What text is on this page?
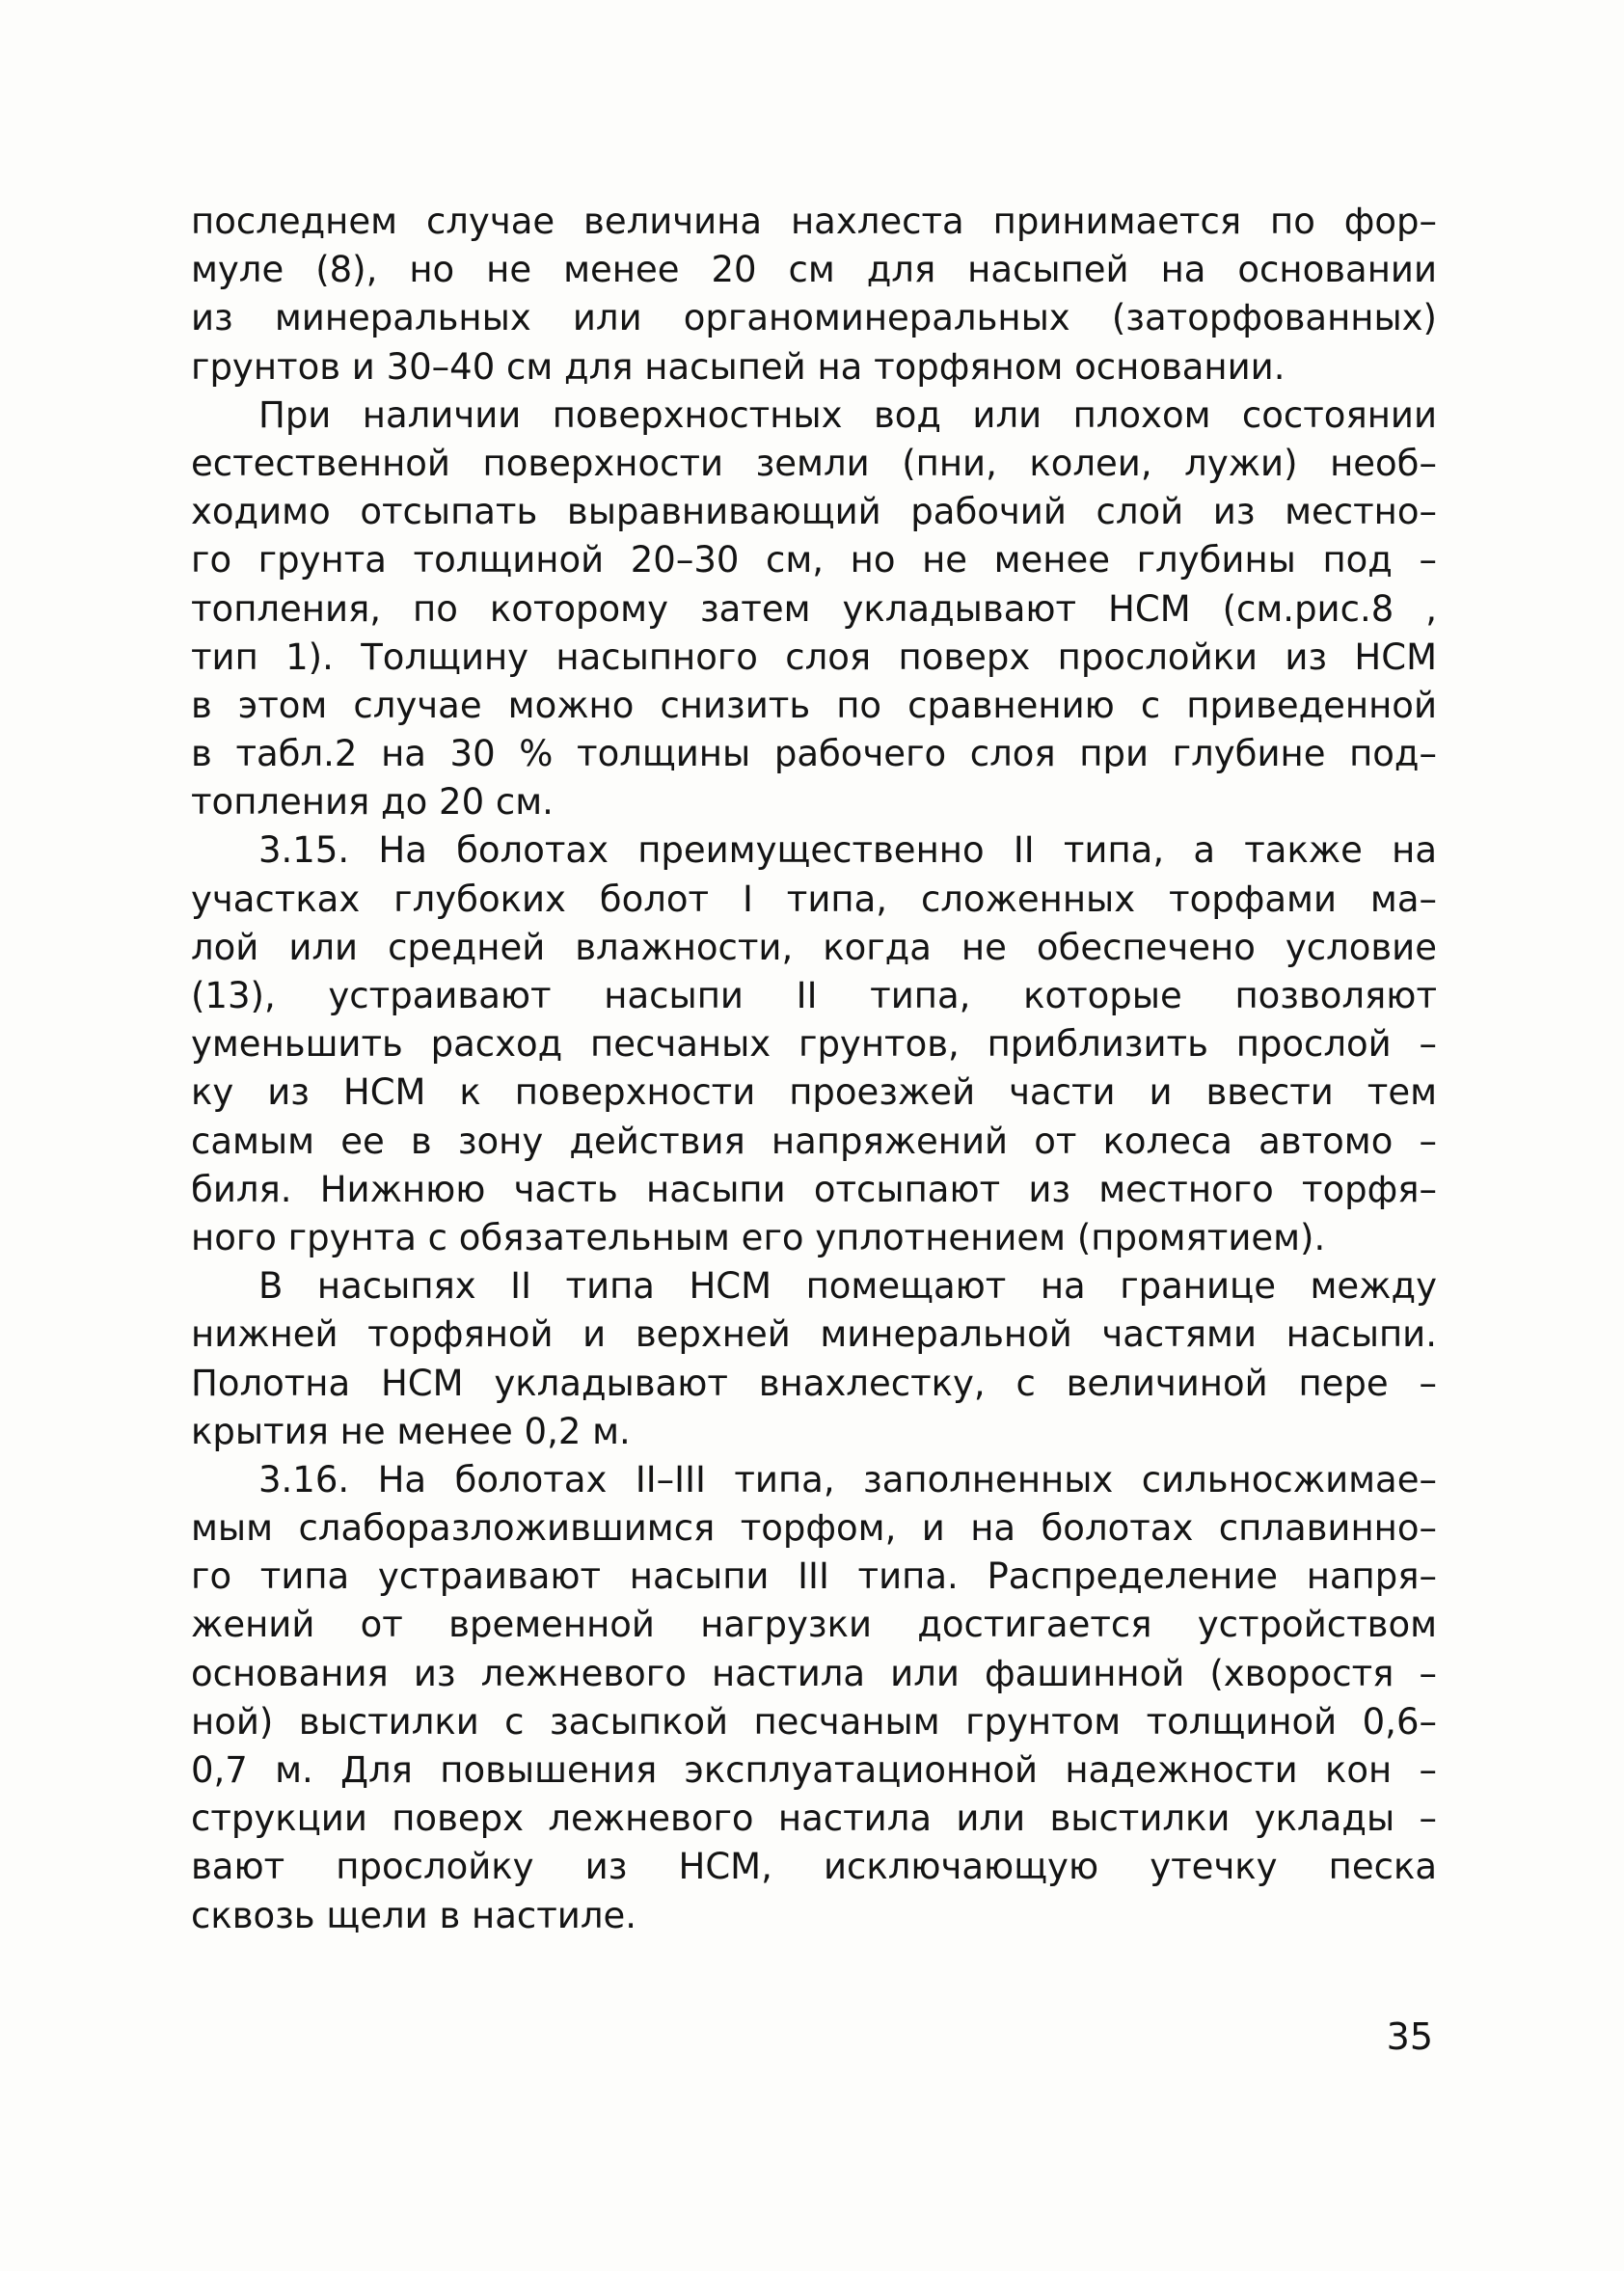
последнем случае величина нахлеста принимается по фор–
муле (8), но не менее 20 см для насыпей на основании
из минеральных или органоминеральных (заторфованных)
грунтов и 30–40 см для насыпей на торфяном основании.
При наличии поверхностных вод или плохом состоянии
естественной поверхности земли (пни, колеи, лужи) необ–
ходимо отсыпать выравнивающий рабочий слой из местно–
го грунта толщиной 20–30 см, но не менее глубины под –
топления, по которому затем укладывают НСМ (см.рис.8 ,
тип 1). Толщину насыпного слоя поверх прослойки из НСМ
в этом случае можно снизить по сравнению с приведенной
в табл.2 на 30 % толщины рабочего слоя при глубине под–
топления до 20 см.
3.15. На болотах преимущественно II типа, а также на
участках глубоких болот I типа, сложенных торфами ма–
лой или средней влажности, когда не обеспечено условие
(13), устраивают насыпи II типа, которые позволяют
уменьшить расход песчаных грунтов, приблизить прослой –
ку из НСМ к поверхности проезжей части и ввести тем
самым ее в зону действия напряжений от колеса автомо –
биля. Нижнюю часть насыпи отсыпают из местного торфя–
ного грунта с обязательным его уплотнением (промятием).
В насыпях II типа НСМ помещают на границе между
нижней торфяной и верхней минеральной частями насыпи.
Полотна НСМ укладывают внахлестку, с величиной пере –
крытия не менее 0,2 м.
3.16. На болотах II–III типа, заполненных сильносжимае–
мым слаборазложившимся торфом, и на болотах сплавинно–
го типа устраивают насыпи III типа. Распределение напря–
жений от временной нагрузки достигается устройством
основания из лежневого настила или фашинной (хворостя –
ной) выстилки с засыпкой песчаным грунтом толщиной 0,6–
0,7 м. Для повышения эксплуатационной надежности кон –
струкции поверх лежневого настила или выстилки уклады –
вают прослойку из НСМ, исключающую утечку песка
сквозь щели в настиле.
35
